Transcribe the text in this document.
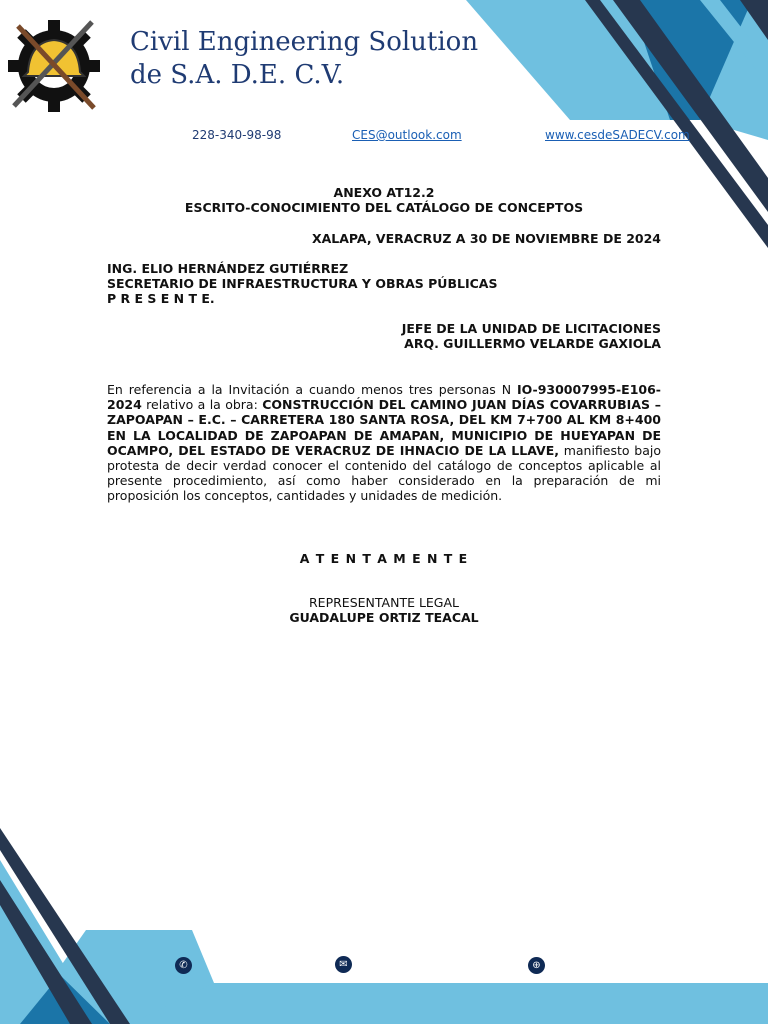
Civil Engineering Solution
de S.A. D.E. C.V.
228-340-98-98	CES@outlook.com	www.cesdeSADECV.com
ANEXO AT12.2
ESCRITO-CONOCIMIENTO DEL CATÁLOGO DE CONCEPTOS
XALAPA, VERACRUZ A 30 DE NOVIEMBRE DE 2024
ING. ELIO HERNÁNDEZ GUTIÉRREZ
SECRETARIO DE INFRAESTRUCTURA Y OBRAS PÚBLICAS
P R E S E N T E.
JEFE DE LA UNIDAD DE LICITACIONES
ARQ. GUILLERMO VELARDE GAXIOLA
En referencia a la Invitación a cuando menos tres personas N IO-930007995-E106-2024 relativo a la obra: CONSTRUCCIÓN DEL CAMINO JUAN DÍAS COVARRUBIAS – ZAPOAPAN – E.C. – CARRETERA 180 SANTA ROSA, DEL KM 7+700 AL KM 8+400 EN LA LOCALIDAD DE ZAPOAPAN DE AMAPAN, MUNICIPIO DE HUEYAPAN DE OCAMPO, DEL ESTADO DE VERACRUZ DE IHNACIO DE LA LLAVE, manifiesto bajo protesta de decir verdad conocer el contenido del catálogo de conceptos aplicable al presente procedimiento, así como haber considerado en la preparación de mi proposición los conceptos, cantidades y unidades de medición.
A T E N T A M E N T E
REPRESENTANTE LEGAL
GUADALUPE ORTIZ TEACAL
✆	✉	⊕
